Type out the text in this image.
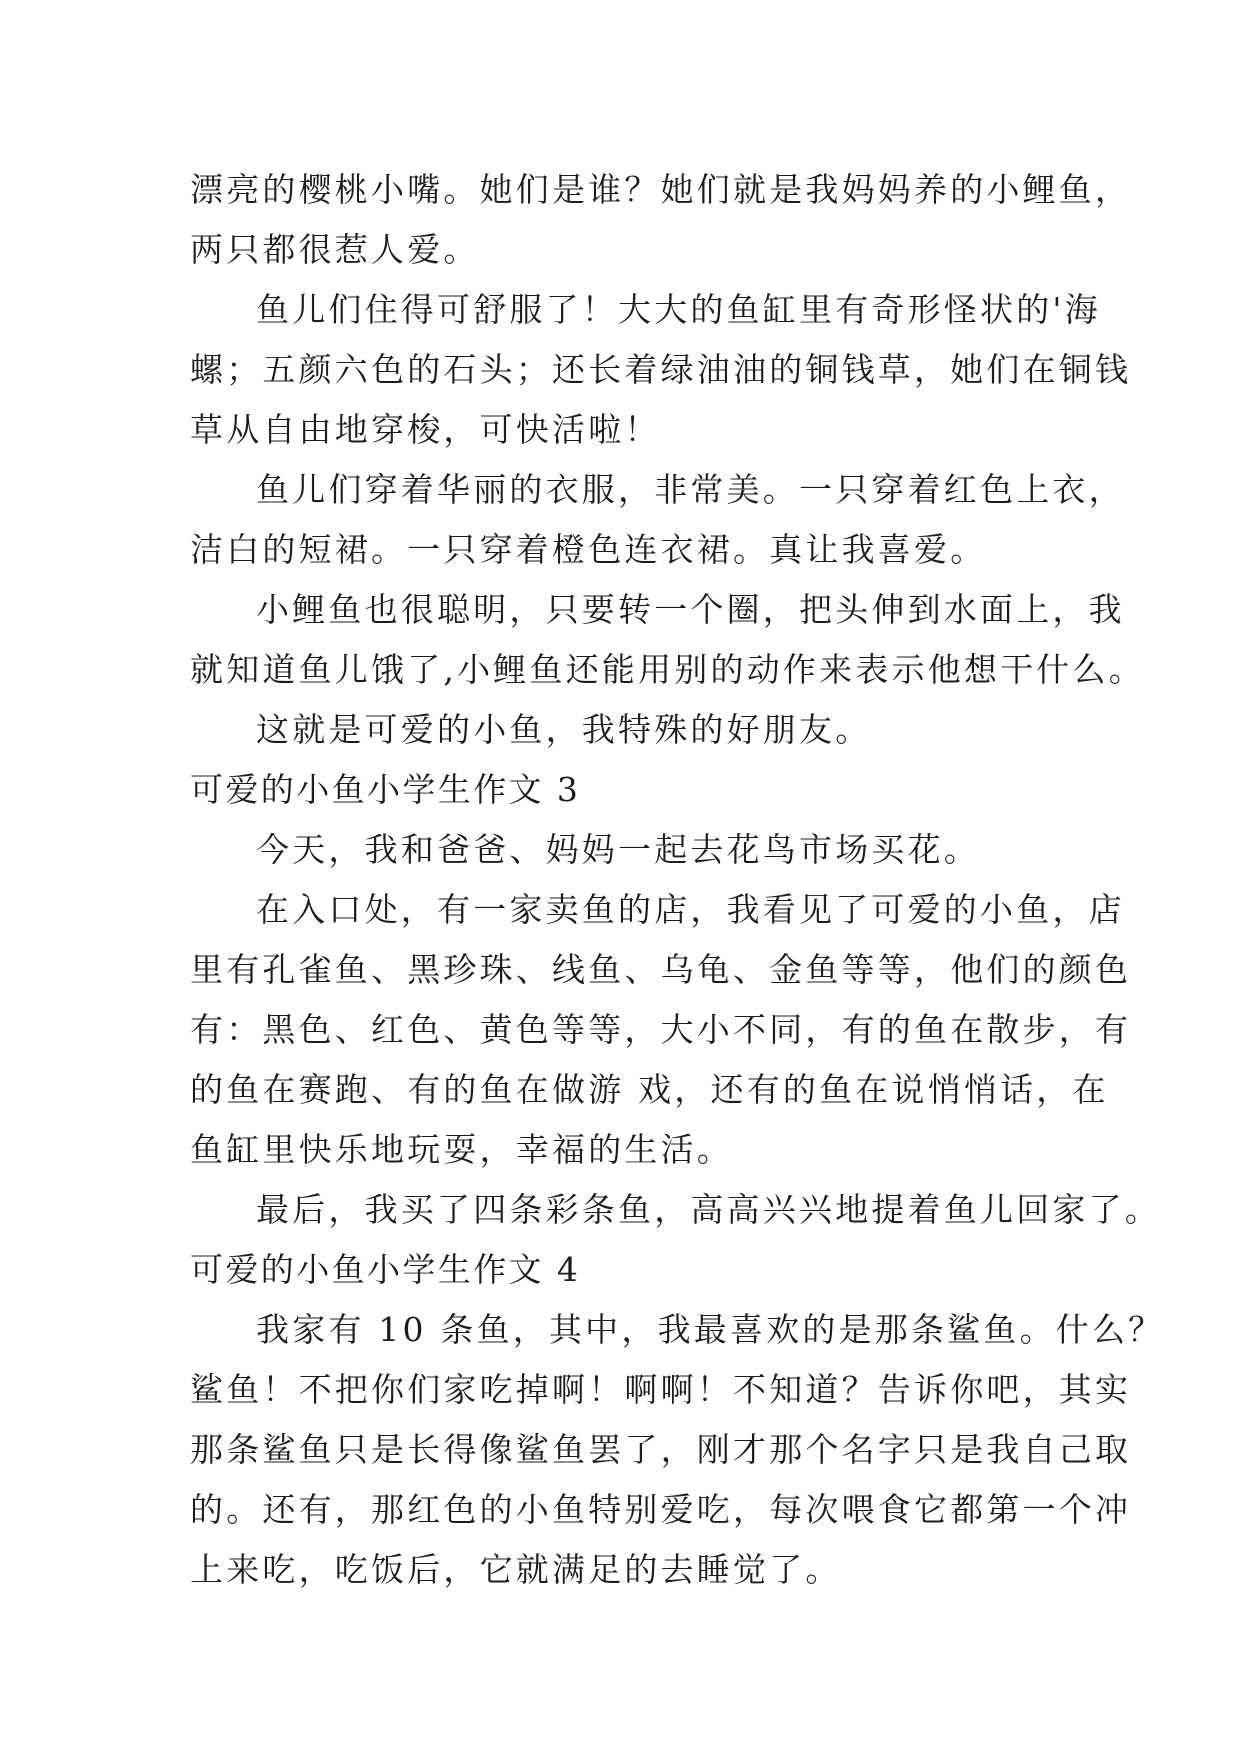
漂亮的樱桃小嘴。她们是谁？她们就是我妈妈养的小鲤鱼，
两只都很惹人爱。
鱼儿们住得可舒服了！大大的鱼缸里有奇形怪状的'海
螺；五颜六色的石头；还长着绿油油的铜钱草，她们在铜钱
草从自由地穿梭，可快活啦！
鱼儿们穿着华丽的衣服，非常美。一只穿着红色上衣，
洁白的短裙。一只穿着橙色连衣裙。真让我喜爱。
小鲤鱼也很聪明，只要转一个圈，把头伸到水面上，我
就知道鱼儿饿了,小鲤鱼还能用别的动作来表示他想干什么。
这就是可爱的小鱼，我特殊的好朋友。
可爱的小鱼小学生作文 3
今天，我和爸爸、妈妈一起去花鸟市场买花。
在入口处，有一家卖鱼的店，我看见了可爱的小鱼，店
里有孔雀鱼、黑珍珠、线鱼、乌龟、金鱼等等，他们的颜色
有：黑色、红色、黄色等等，大小不同，有的鱼在散步，有
的鱼在赛跑、有的鱼在做游 戏，还有的鱼在说悄悄话，在
鱼缸里快乐地玩耍，幸福的生活。
最后，我买了四条彩条鱼，高高兴兴地提着鱼儿回家了。
可爱的小鱼小学生作文 4
我家有 10 条鱼，其中，我最喜欢的是那条鲨鱼。什么？
鲨鱼！不把你们家吃掉啊！啊啊！不知道？告诉你吧，其实
那条鲨鱼只是长得像鲨鱼罢了，刚才那个名字只是我自己取
的。还有，那红色的小鱼特别爱吃，每次喂食它都第一个冲
上来吃，吃饭后，它就满足的去睡觉了。
